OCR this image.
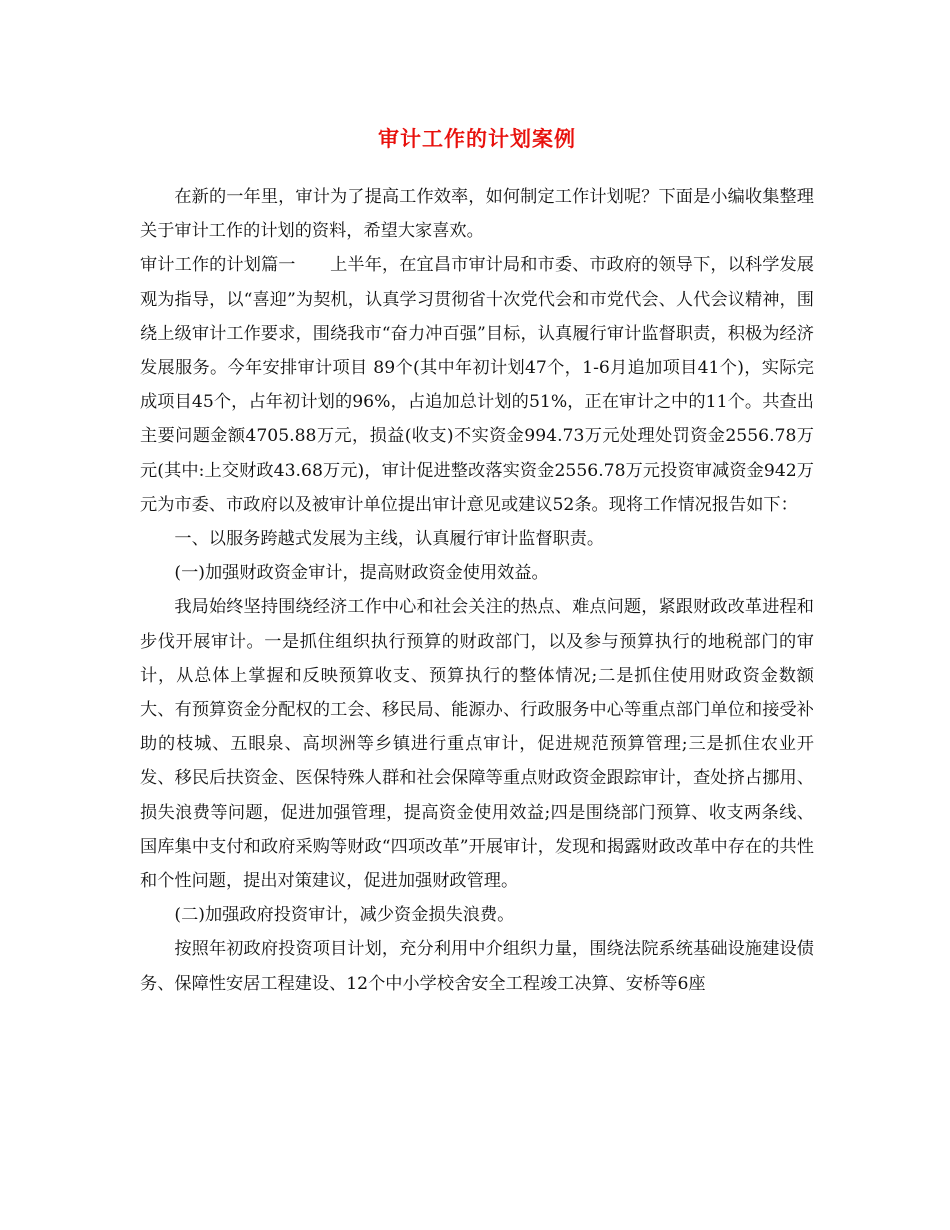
审计工作的计划案例

在新的一年里，审计为了提高工作效率，如何制定工作计划呢？下面是小编收集整理关于审计工作的计划的资料，希望大家喜欢。

审计工作的计划篇一　　上半年，在宜昌市审计局和市委、市政府的领导下，以科学发展观为指导，以“喜迎”为契机，认真学习贯彻省十次党代会和市党代会、人代会议精神，围绕上级审计工作要求，围绕我市“奋力冲百强”目标，认真履行审计监督职责，积极为经济发展服务。今年安排审计项目 89个(其中年初计划47个，1-6月追加项目41个)，实际完成项目45个，占年初计划的96%，占追加总计划的51%，正在审计之中的11个。共查出主要问题金额4705.88万元，损益(收支)不实资金994.73万元处理处罚资金2556.78万元(其中:上交财政43.68万元)，审计促进整改落实资金2556.78万元投资审减资金942万元为市委、市政府以及被审计单位提出审计意见或建议52条。现将工作情况报告如下：

一、以服务跨越式发展为主线，认真履行审计监督职责。

(一)加强财政资金审计，提高财政资金使用效益。

我局始终坚持围绕经济工作中心和社会关注的热点、难点问题，紧跟财政改革进程和步伐开展审计。一是抓住组织执行预算的财政部门，以及参与预算执行的地税部门的审计，从总体上掌握和反映预算收支、预算执行的整体情况;二是抓住使用财政资金数额大、有预算资金分配权的工会、移民局、能源办、行政服务中心等重点部门单位和接受补助的枝城、五眼泉、高坝洲等乡镇进行重点审计，促进规范预算管理;三是抓住农业开发、移民后扶资金、医保特殊人群和社会保障等重点财政资金跟踪审计，查处挤占挪用、损失浪费等问题，促进加强管理，提高资金使用效益;四是围绕部门预算、收支两条线、国库集中支付和政府采购等财政“四项改革”开展审计，发现和揭露财政改革中存在的共性和个性问题，提出对策建议，促进加强财政管理。

(二)加强政府投资审计，减少资金损失浪费。

按照年初政府投资项目计划，充分利用中介组织力量，围绕法院系统基础设施建设债务、保障性安居工程建设、12个中小学校舍安全工程竣工决算、安桥等6座
